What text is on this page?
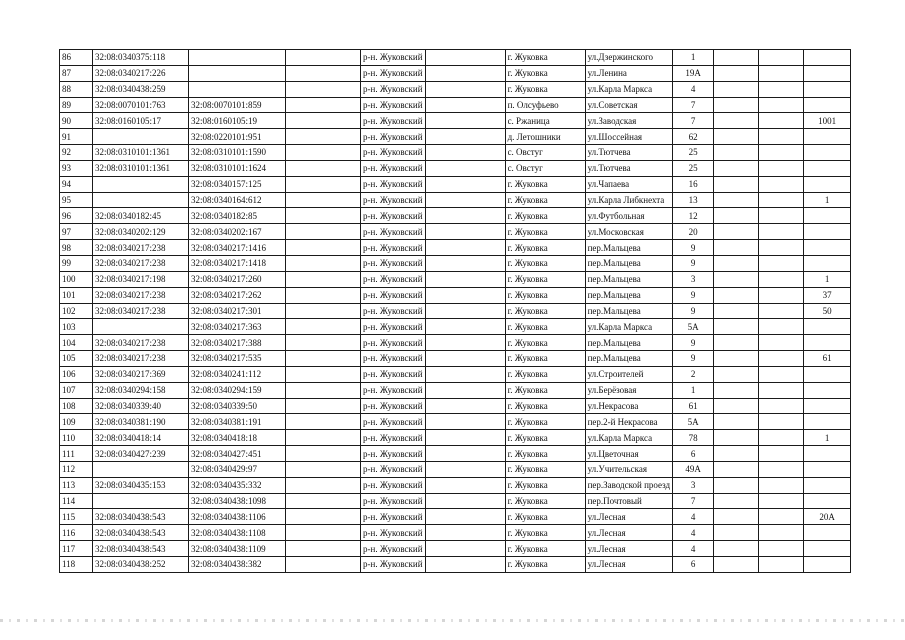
86	32:08:0340375:118			р-н. Жуковский		г. Жуковка	ул.Дзержинского	1			
87	32:08:0340217:226			р-н. Жуковский		г. Жуковка	ул.Ленина	19А			
88	32:08:0340438:259			р-н. Жуковский		г. Жуковка	ул.Карла Маркса	4			
89	32:08:0070101:763	32:08:0070101:859		р-н. Жуковский		п. Олсуфьево	ул.Советская	7			
90	32:08:0160105:17	32:08:0160105:19		р-н. Жуковский		с. Ржаница	ул.Заводская	7			1001
91		32:08:0220101:951		р-н. Жуковский		д. Летошники	ул.Шоссейная	62			
92	32:08:0310101:1361	32:08:0310101:1590		р-н. Жуковский		с. Овстуг	ул.Тютчева	25			
93	32:08:0310101:1361	32:08:0310101:1624		р-н. Жуковский		с. Овстуг	ул.Тютчева	25			
94		32:08:0340157:125		р-н. Жуковский		г. Жуковка	ул.Чапаева	16			
95		32:08:0340164:612		р-н. Жуковский		г. Жуковка	ул.Карла Либкнехта	13			1
96	32:08:0340182:45	32:08:0340182:85		р-н. Жуковский		г. Жуковка	ул.Футбольная	12			
97	32:08:0340202:129	32:08:0340202:167		р-н. Жуковский		г. Жуковка	ул.Московская	20			
98	32:08:0340217:238	32:08:0340217:1416		р-н. Жуковский		г. Жуковка	пер.Мальцева	9			
99	32:08:0340217:238	32:08:0340217:1418		р-н. Жуковский		г. Жуковка	пер.Мальцева	9			
100	32:08:0340217:198	32:08:0340217:260		р-н. Жуковский		г. Жуковка	пер.Мальцева	3			1
101	32:08:0340217:238	32:08:0340217:262		р-н. Жуковский		г. Жуковка	пер.Мальцева	9			37
102	32:08:0340217:238	32:08:0340217:301		р-н. Жуковский		г. Жуковка	пер.Мальцева	9			50
103		32:08:0340217:363		р-н. Жуковский		г. Жуковка	ул.Карла Маркса	5А			
104	32:08:0340217:238	32:08:0340217:388		р-н. Жуковский		г. Жуковка	пер.Мальцева	9			
105	32:08:0340217:238	32:08:0340217:535		р-н. Жуковский		г. Жуковка	пер.Мальцева	9			61
106	32:08:0340217:369	32:08:0340241:112		р-н. Жуковский		г. Жуковка	ул.Строителей	2			
107	32:08:0340294:158	32:08:0340294:159		р-н. Жуковский		г. Жуковка	ул.Берёзовая	1			
108	32:08:0340339:40	32:08:0340339:50		р-н. Жуковский		г. Жуковка	ул.Некрасова	61			
109	32:08:0340381:190	32:08:0340381:191		р-н. Жуковский		г. Жуковка	пер.2-й Некрасова	5А			
110	32:08:0340418:14	32:08:0340418:18		р-н. Жуковский		г. Жуковка	ул.Карла Маркса	78			1
111	32:08:0340427:239	32:08:0340427:451		р-н. Жуковский		г. Жуковка	ул.Цветочная	6			
112		32:08:0340429:97		р-н. Жуковский		г. Жуковка	ул.Учительская	49А			
113	32:08:0340435:153	32:08:0340435:332		р-н. Жуковский		г. Жуковка	пер.Заводской проезд	3			
114		32:08:0340438:1098		р-н. Жуковский		г. Жуковка	пер.Почтовый	7			
115	32:08:0340438:543	32:08:0340438:1106		р-н. Жуковский		г. Жуковка	ул.Лесная	4			20А
116	32:08:0340438:543	32:08:0340438:1108		р-н. Жуковский		г. Жуковка	ул.Лесная	4			
117	32:08:0340438:543	32:08:0340438:1109		р-н. Жуковский		г. Жуковка	ул.Лесная	4			
118	32:08:0340438:252	32:08:0340438:382		р-н. Жуковский		г. Жуковка	ул.Лесная	6			
